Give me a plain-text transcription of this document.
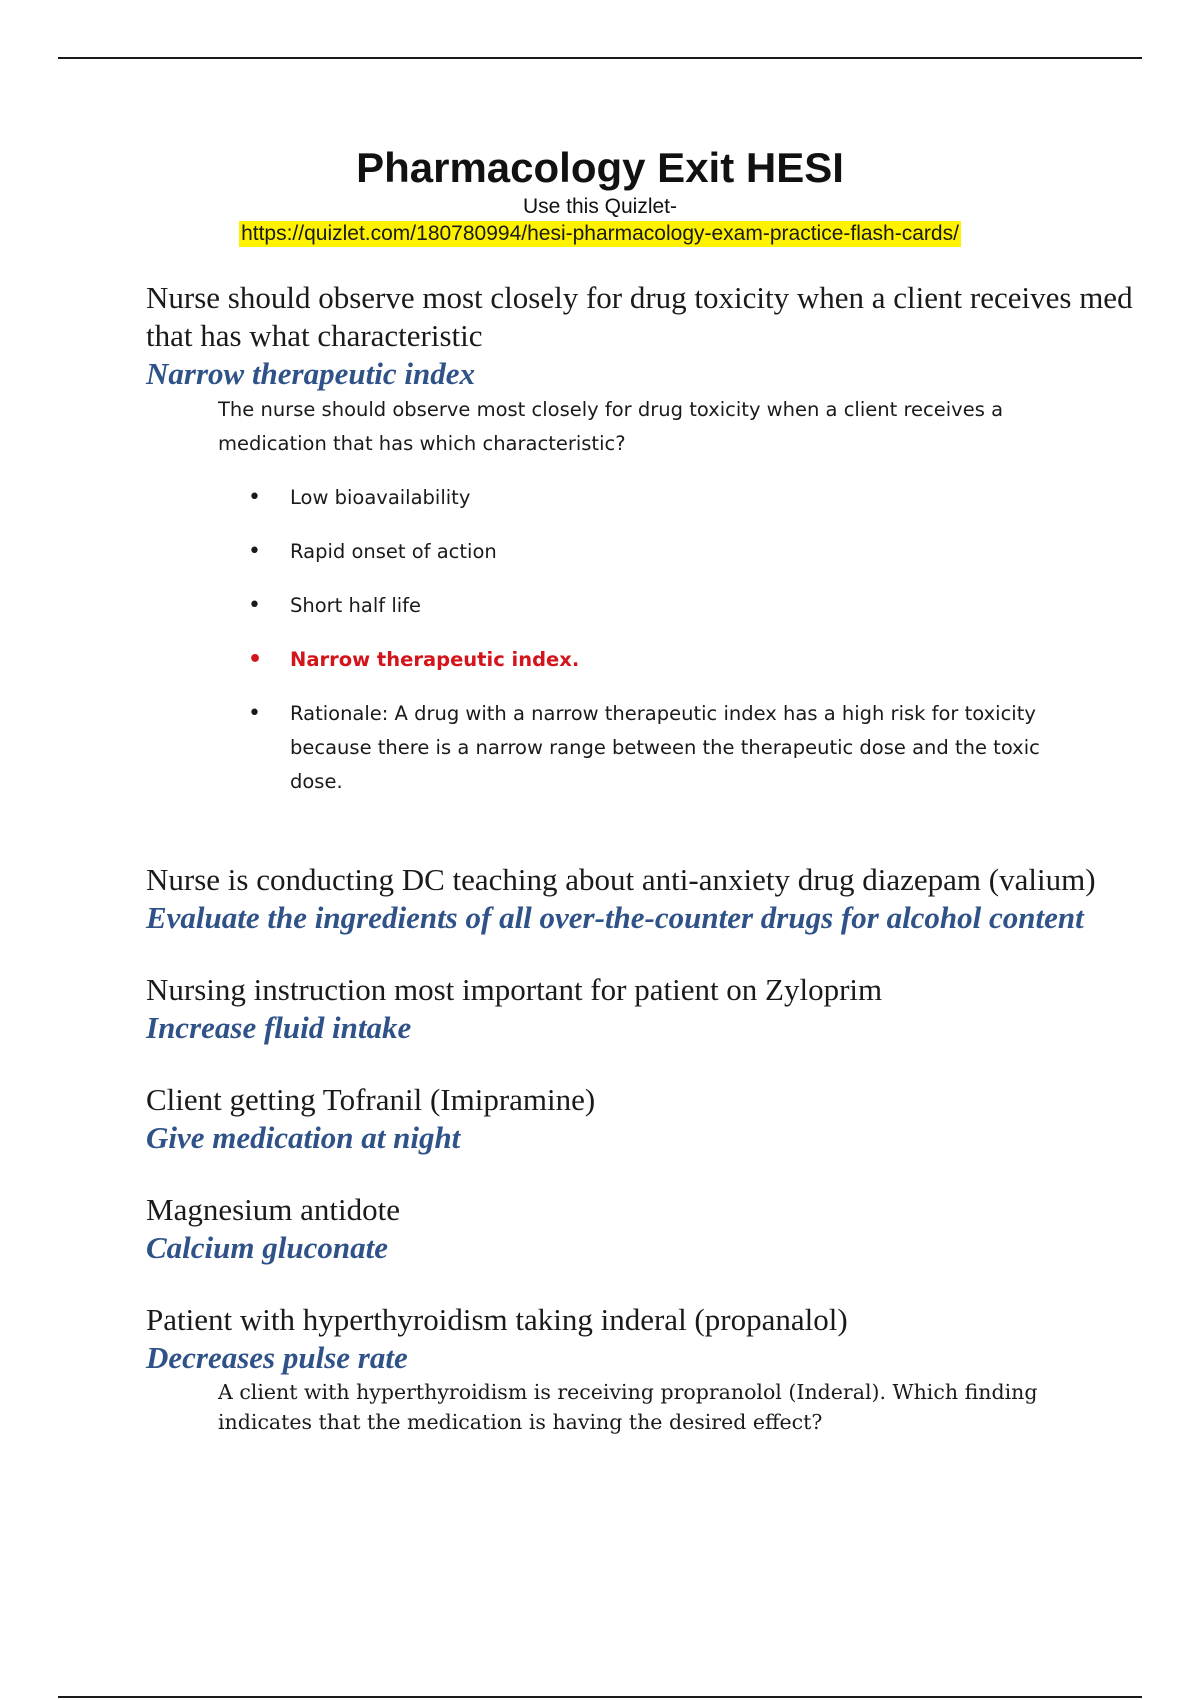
Pharmacology Exit HESI

Use this Quizlet-

https://quizlet.com/180780994/hesi-pharmacology-exam-practice-flash-cards/

Nurse should observe most closely for drug toxicity when a client receives med that has what characteristic

Narrow therapeutic index

The nurse should observe most closely for drug toxicity when a client receives a medication that has which characteristic?

• Low bioavailability
• Rapid onset of action
• Short half life
• Narrow therapeutic index.
• Rationale: A drug with a narrow therapeutic index has a high risk for toxicity because there is a narrow range between the therapeutic dose and the toxic dose.

Nurse is conducting DC teaching about anti-anxiety drug diazepam (valium)

Evaluate the ingredients of all over-the-counter drugs for alcohol content

Nursing instruction most important for patient on Zyloprim

Increase fluid intake

Client getting Tofranil (Imipramine)

Give medication at night

Magnesium antidote

Calcium gluconate

Patient with hyperthyroidism taking inderal (propanalol)

Decreases pulse rate

A client with hyperthyroidism is receiving propranolol (Inderal). Which finding indicates that the medication is having the desired effect?
